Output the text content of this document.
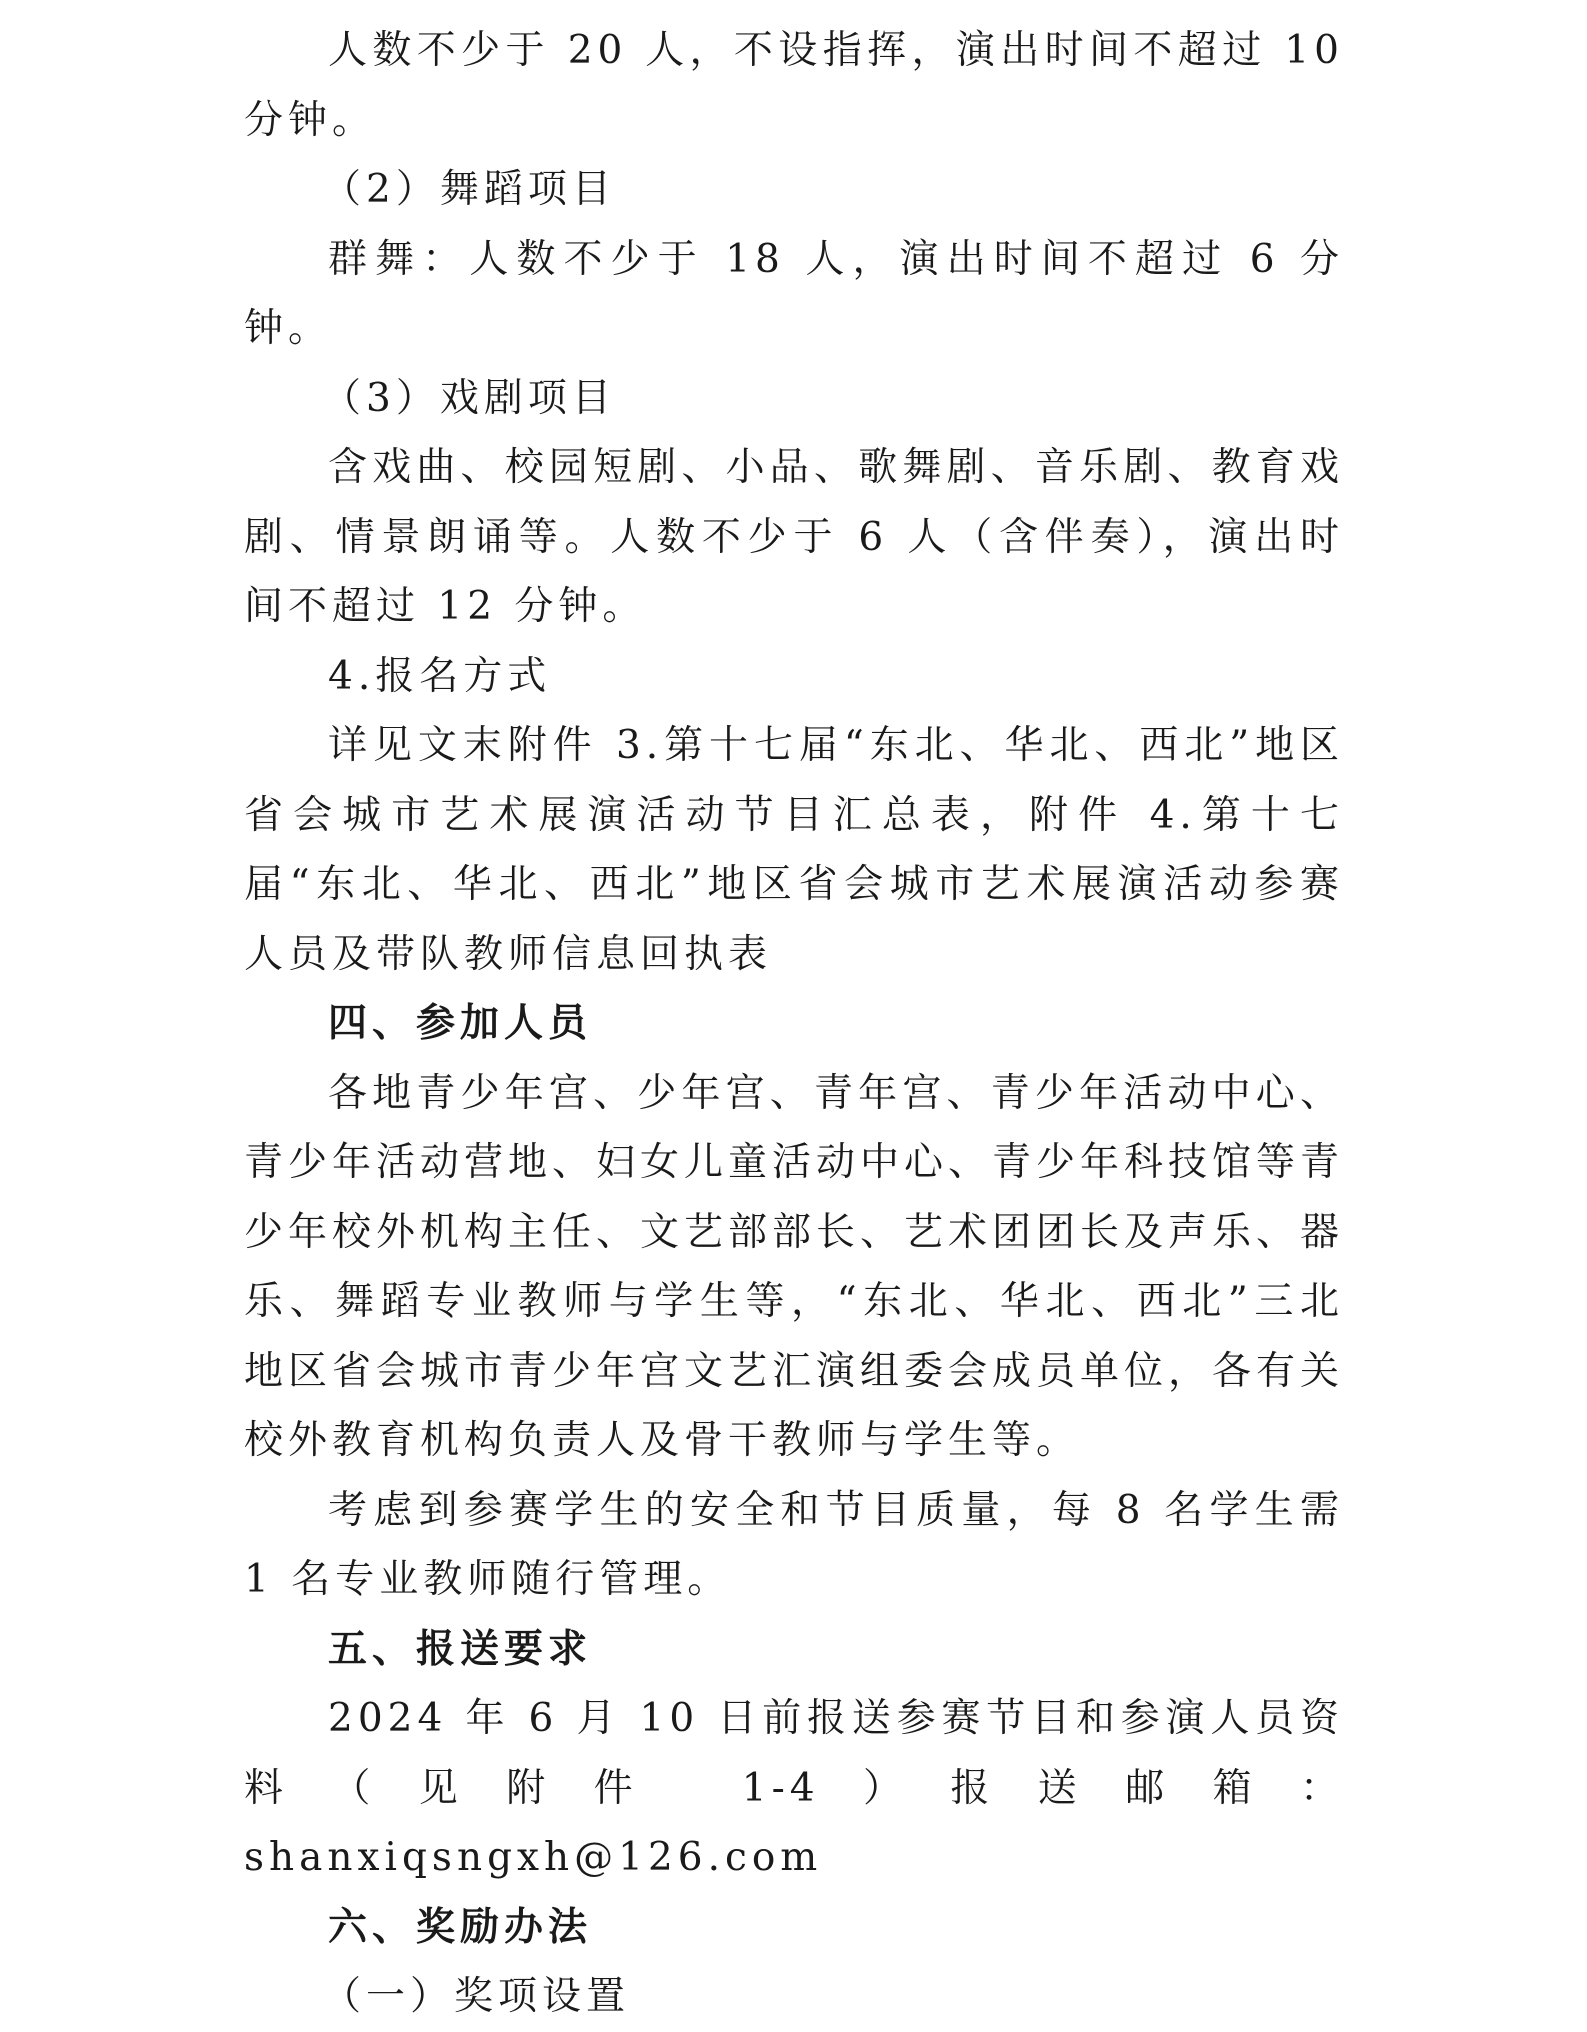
人数不少于 20 人，不设指挥，演出时间不超过 10 分钟。

（2）舞蹈项目

群舞：人数不少于 18 人，演出时间不超过 6 分钟。

（3）戏剧项目

含戏曲、校园短剧、小品、歌舞剧、音乐剧、教育戏剧、情景朗诵等。人数不少于 6 人（含伴奏），演出时间不超过 12 分钟。

4.报名方式

详见文末附件 3.第十七届“东北、华北、西北”地区省会城市艺术展演活动节目汇总表，附件 4.第十七届“东北、华北、西北”地区省会城市艺术展演活动参赛人员及带队教师信息回执表

四、参加人员

各地青少年宫、少年宫、青年宫、青少年活动中心、青少年活动营地、妇女儿童活动中心、青少年科技馆等青少年校外机构主任、文艺部部长、艺术团团长及声乐、器乐、舞蹈专业教师与学生等，“东北、华北、西北”三北地区省会城市青少年宫文艺汇演组委会成员单位，各有关校外教育机构负责人及骨干教师与学生等。

考虑到参赛学生的安全和节目质量，每 8 名学生需 1 名专业教师随行管理。

五、报送要求

2024 年 6 月 10 日前报送参赛节目和参演人员资料（见附件 1-4）报送邮箱：shanxiqsngxh@126.com

六、奖励办法

（一）奖项设置
